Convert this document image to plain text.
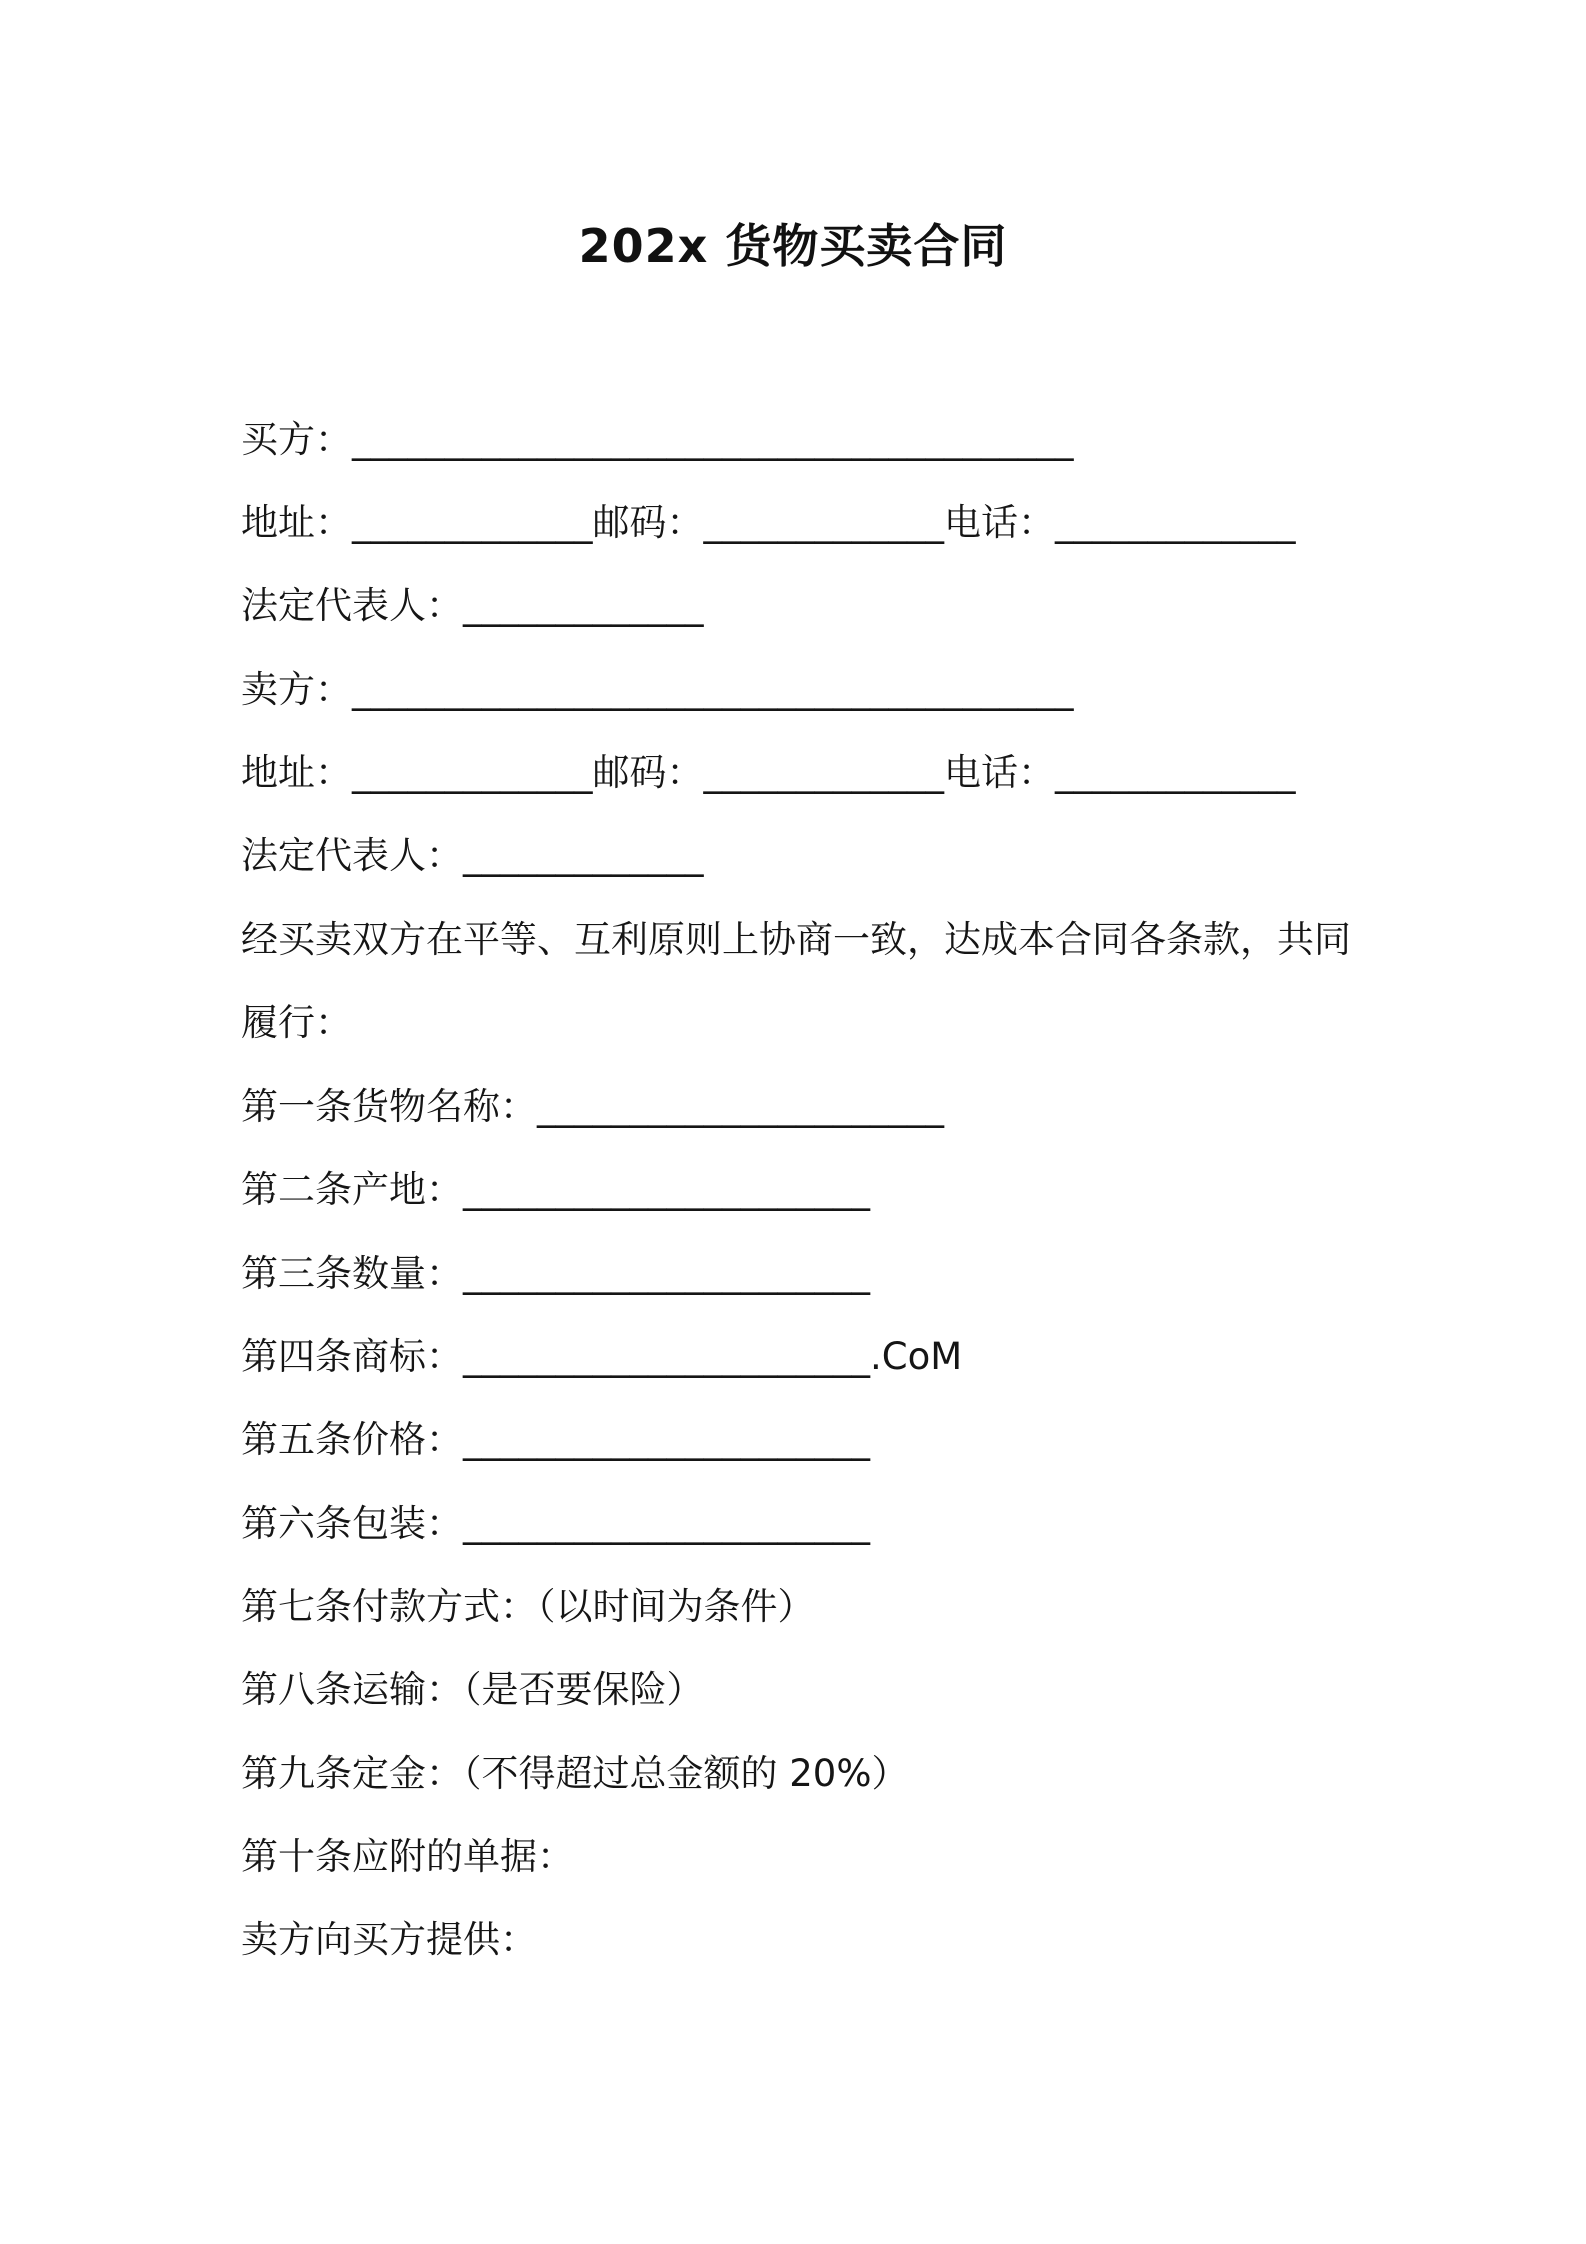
202x 货物买卖合同
买方：_______________________________________
地址：_____________邮码：_____________电话：_____________
法定代表人：_____________
卖方：_______________________________________
地址：_____________邮码：_____________电话：_____________
法定代表人：_____________
经买卖双方在平等、互利原则上协商一致，达成本合同各条款，共同
履行：
第一条货物名称：______________________
第二条产地：______________________
第三条数量：______________________
第四条商标：______________________.CoM
第五条价格：______________________
第六条包装：______________________
第七条付款方式：（以时间为条件）
第八条运输：（是否要保险）
第九条定金：（不得超过总金额的 20%）
第十条应附的单据：
卖方向买方提供：
